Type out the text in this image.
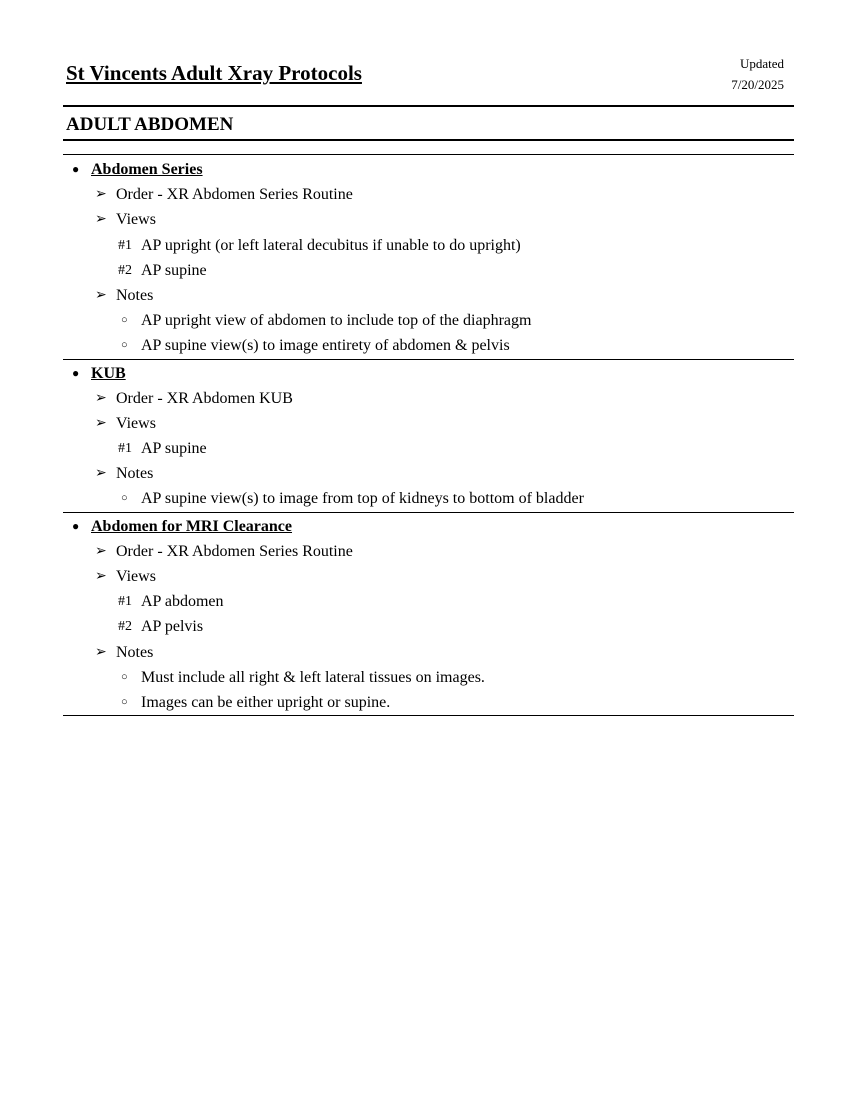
St Vincents Adult Xray Protocols	Updated
7/20/2025
ADULT ABDOMEN
● Abdomen Series
➢ Order - XR Abdomen Series Routine
➢ Views
#1 AP upright (or left lateral decubitus if unable to do upright)
#2 AP supine
➢ Notes
○ AP upright view of abdomen to include top of the diaphragm
○ AP supine view(s) to image entirety of abdomen & pelvis
● KUB
➢ Order - XR Abdomen KUB
➢ Views
#1 AP supine
➢ Notes
○ AP supine view(s) to image from top of kidneys to bottom of bladder
● Abdomen for MRI Clearance
➢ Order - XR Abdomen Series Routine
➢ Views
#1 AP abdomen
#2 AP pelvis
➢ Notes
○ Must include all right & left lateral tissues on images.
○ Images can be either upright or supine.
